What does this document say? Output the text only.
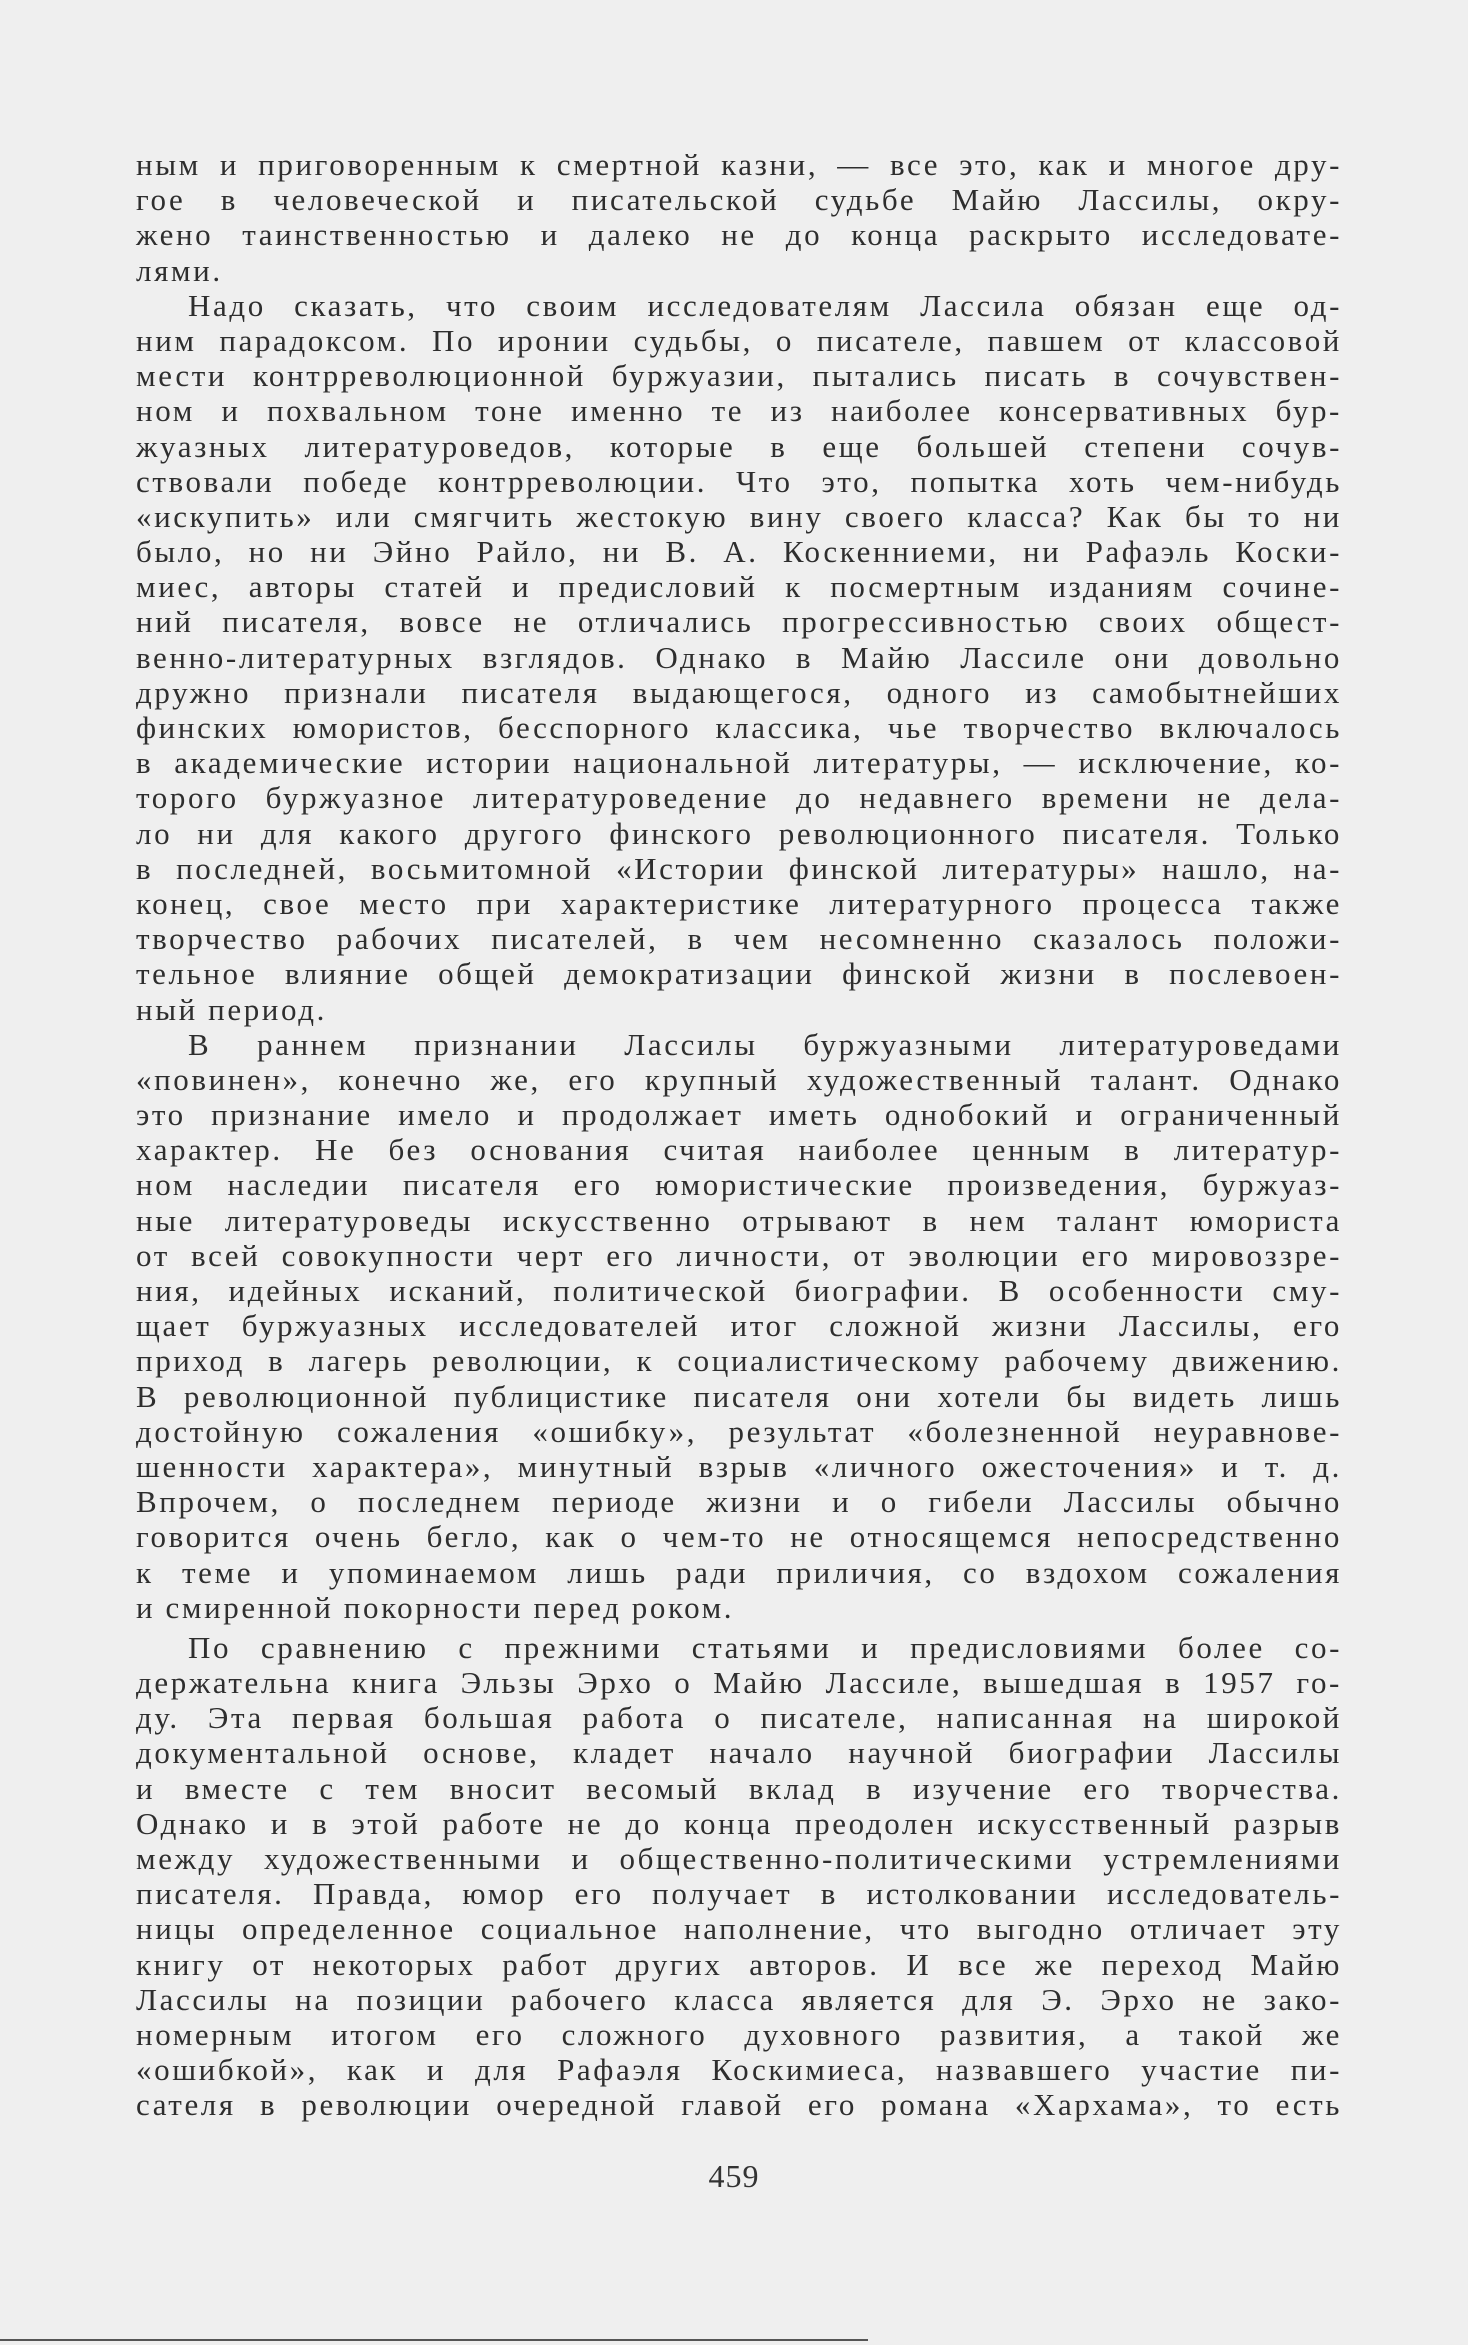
ным и приговоренным к смертной казни, — все это, как и многое дру-
гое в человеческой и писательской судьбе Майю Лассилы, окру-
жено таинственностью и далеко не до конца раскрыто исследовате-
лями.
Надо сказать, что своим исследователям Лассила обязан еще од-
ним парадоксом. По иронии судьбы, о писателе, павшем от классовой
мести контрреволюционной буржуазии, пытались писать в сочувствен-
ном и похвальном тоне именно те из наиболее консервативных бур-
жуазных литературоведов, которые в еще большей степени сочув-
ствовали победе контрреволюции. Что это, попытка хоть чем-нибудь
«искупить» или смягчить жестокую вину своего класса? Как бы то ни
было, но ни Эйно Райло, ни В. А. Коскенниеми, ни Рафаэль Коски-
миес, авторы статей и предисловий к посмертным изданиям сочине-
ний писателя, вовсе не отличались прогрессивностью своих общест-
венно-литературных взглядов. Однако в Майю Лассиле они довольно
дружно признали писателя выдающегося, одного из самобытнейших
финских юмористов, бесспорного классика, чье творчество включалось
в академические истории национальной литературы, — исключение, ко-
торого буржуазное литературоведение до недавнего времени не дела-
ло ни для какого другого финского революционного писателя. Только
в последней, восьмитомной «Истории финской литературы» нашло, на-
конец, свое место при характеристике литературного процесса также
творчество рабочих писателей, в чем несомненно сказалось положи-
тельное влияние общей демократизации финской жизни в послевоен-
ный период.
В раннем признании Лассилы буржуазными литературоведами
«повинен», конечно же, его крупный художественный талант. Однако
это признание имело и продолжает иметь однобокий и ограниченный
характер. Не без основания считая наиболее ценным в литератур-
ном наследии писателя его юмористические произведения, буржуаз-
ные литературоведы искусственно отрывают в нем талант юмориста
от всей совокупности черт его личности, от эволюции его мировоззре-
ния, идейных исканий, политической биографии. В особенности сму-
щает буржуазных исследователей итог сложной жизни Лассилы, его
приход в лагерь революции, к социалистическому рабочему движению.
В революционной публицистике писателя они хотели бы видеть лишь
достойную сожаления «ошибку», результат «болезненной неуравнове-
шенности характера», минутный взрыв «личного ожесточения» и т. д.
Впрочем, о последнем периоде жизни и о гибели Лассилы обычно
говорится очень бегло, как о чем-то не относящемся непосредственно
к теме и упоминаемом лишь ради приличия, со вздохом сожаления
и смиренной покорности перед роком.
По сравнению с прежними статьями и предисловиями более со-
держательна книга Эльзы Эрхо о Майю Лассиле, вышедшая в 1957 го-
ду. Эта первая большая работа о писателе, написанная на широкой
документальной основе, кладет начало научной биографии Лассилы
и вместе с тем вносит весомый вклад в изучение его творчества.
Однако и в этой работе не до конца преодолен искусственный разрыв
между художественными и общественно-политическими устремлениями
писателя. Правда, юмор его получает в истолковании исследователь-
ницы определенное социальное наполнение, что выгодно отличает эту
книгу от некоторых работ других авторов. И все же переход Майю
Лассилы на позиции рабочего класса является для Э. Эрхо не зако-
номерным итогом его сложного духовного развития, а такой же
«ошибкой», как и для Рафаэля Коскимиеса, назвавшего участие пи-
сателя в революции очередной главой его романа «Хархама», то есть
459
